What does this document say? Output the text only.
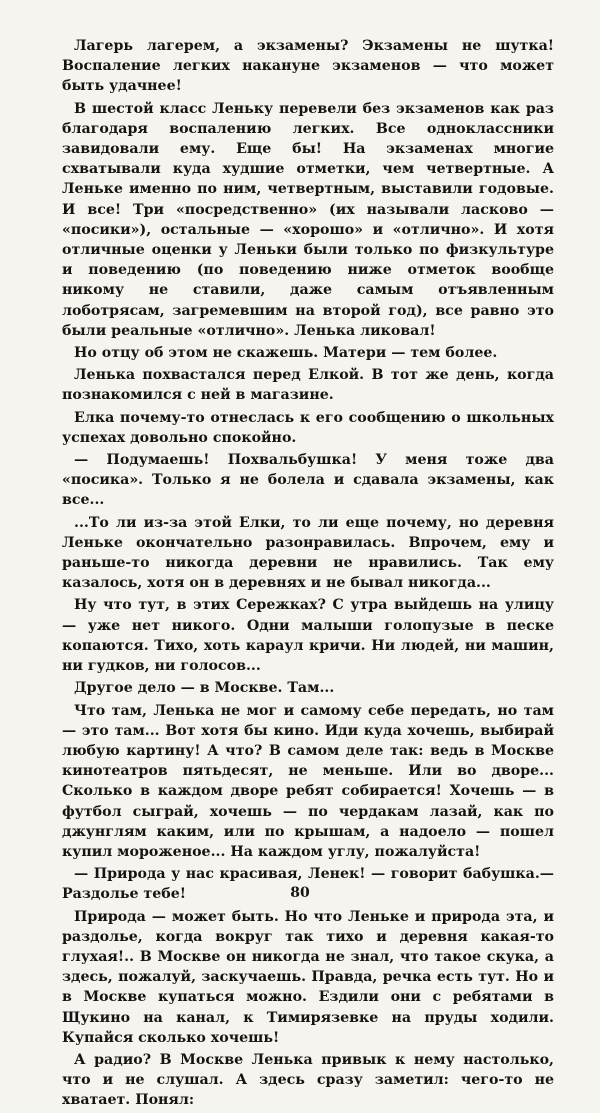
Лагерь лагерем, а экзамены? Экзамены не шутка! Воспаление легких накануне экзаменов — что может быть удачнее!

В шестой класс Леньку перевели без экзаменов как раз благодаря воспалению легких. Все одноклассники завидовали ему. Еще бы! На экзаменах многие схватывали куда худшие отметки, чем четвертные. А Леньке именно по ним, четвертным, выставили годовые. И все! Три «посредственно» (их называли ласково — «посики»), остальные — «хорошо» и «отлично». И хотя отличные оценки у Леньки были только по физкультуре и поведению (по поведению ниже отметок вообще никому не ставили, даже самым отъявленным лоботрясам, загремевшим на второй год), все равно это были реальные «отлично». Ленька ликовал!

Но отцу об этом не скажешь. Матери — тем более.

Ленька похвастался перед Елкой. В тот же день, когда познакомился с ней в магазине.

Елка почему-то отнеслась к его сообщению о школьных успехах довольно спокойно.

— Подумаешь! Похвальбушка! У меня тоже два «посика». Только я не болела и сдавала экзамены, как все...

...То ли из-за этой Елки, то ли еще почему, но деревня Леньке окончательно разонравилась. Впрочем, ему и раньше-то никогда деревни не нравились. Так ему казалось, хотя он в деревнях и не бывал никогда...

Ну что тут, в этих Сережках? С утра выйдешь на улицу — уже нет никого. Одни малыши голопузые в песке копаются. Тихо, хоть караул кричи. Ни людей, ни машин, ни гудков, ни голосов...

Другое дело — в Москве. Там...

Что там, Ленька не мог и самому себе передать, но там — это там... Вот хотя бы кино. Иди куда хочешь, выбирай любую картину! А что? В самом деле так: ведь в Москве кинотеатров пятьдесят, не меньше. Или во дворе... Сколько в каждом дворе ребят собирается! Хочешь — в футбол сыграй, хочешь — по чердакам лазай, как по джунглям каким, или по крышам, а надоело — пошел купил мороженое... На каждом углу, пожалуйста!

— Природа у нас красивая, Ленек! — говорит бабушка.— Раздолье тебе!

Природа — может быть. Но что Леньке и природа эта, и раздолье, когда вокруг так тихо и деревня какая-то глухая!.. В Москве он никогда не знал, что такое скука, а здесь, пожалуй, заскучаешь. Правда, речка есть тут. Но и в Москве купаться можно. Ездили они с ребятами в Щукино на канал, к Тимирязевке на пруды ходили. Купайся сколько хочешь!

А радио? В Москве Ленька привык к нему настолько, что и не слушал. А здесь сразу заметил: чего-то не хватает. Понял:

80
